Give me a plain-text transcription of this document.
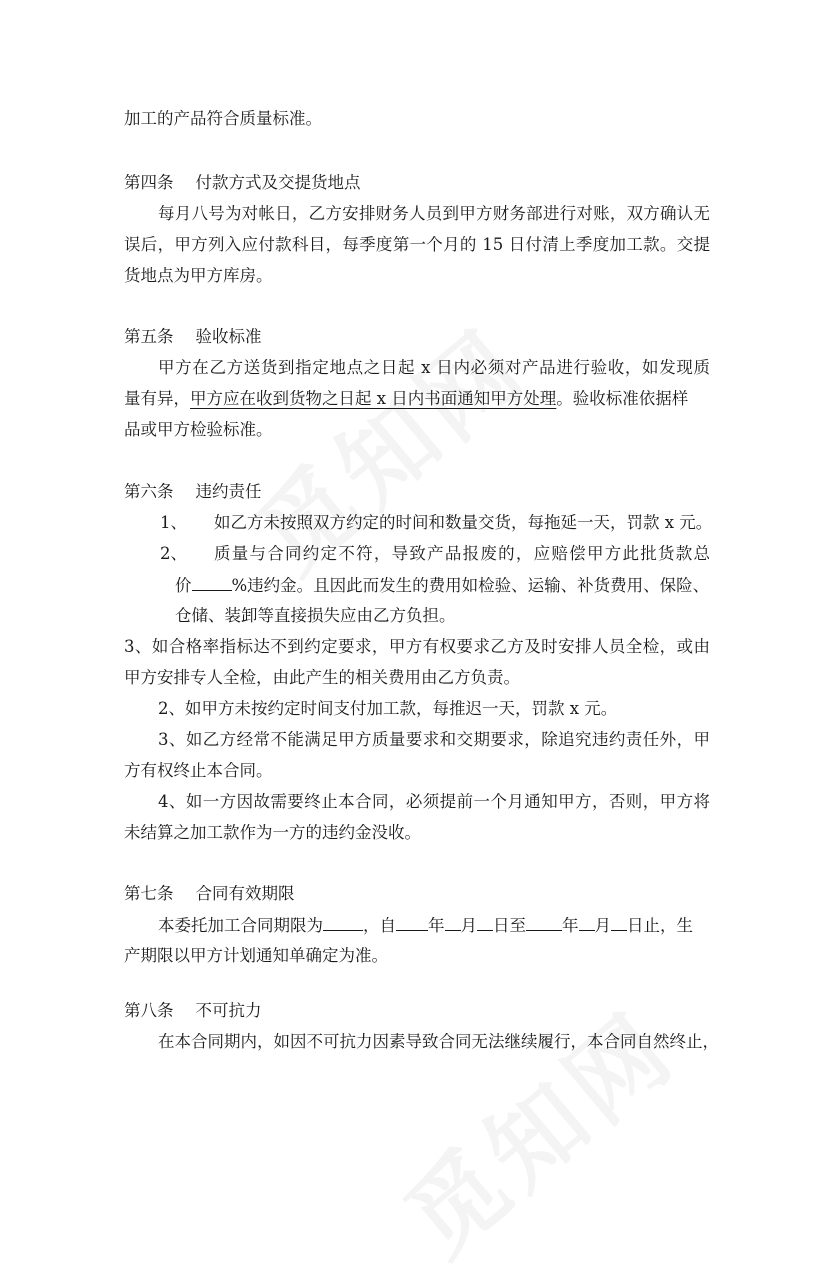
加工的产品符合质量标准。
第四条 付款方式及交提货地点
每月八号为对帐日，乙方安排财务人员到甲方财务部进行对账，双方确认无
误后，甲方列入应付款科目，每季度第一个月的 15 日付清上季度加工款。交提
货地点为甲方库房。
第五条 验收标准
甲方在乙方送货到指定地点之日起 x 日内必须对产品进行验收，如发现质
量有异，甲方应在收到货物之日起 x 日内书面通知甲方处理。验收标准依据样
品或甲方检验标准。
第六条 违约责任
1、 如乙方未按照双方约定的时间和数量交货，每拖延一天，罚款 x 元。
2、 质量与合同约定不符，导致产品报废的，应赔偿甲方此批货款总
价 %违约金。且因此而发生的费用如检验、运输、补货费用、保险、
仓储、装卸等直接损失应由乙方负担。
3、如合格率指标达不到约定要求，甲方有权要求乙方及时安排人员全检，或由
甲方安排专人全检，由此产生的相关费用由乙方负责。
2、如甲方未按约定时间支付加工款，每推迟一天，罚款 x 元。
3、如乙方经常不能满足甲方质量要求和交期要求，除追究违约责任外，甲
方有权终止本合同。
4、如一方因故需要终止本合同，必须提前一个月通知甲方，否则，甲方将
未结算之加工款作为一方的违约金没收。
第七条 合同有效期限
本委托加工合同期限为 ，自 年 月 日至 年 月 日止，生
产期限以甲方计划通知单确定为准。
第八条 不可抗力
在本合同期内，如因不可抗力因素导致合同无法继续履行，本合同自然终止，
